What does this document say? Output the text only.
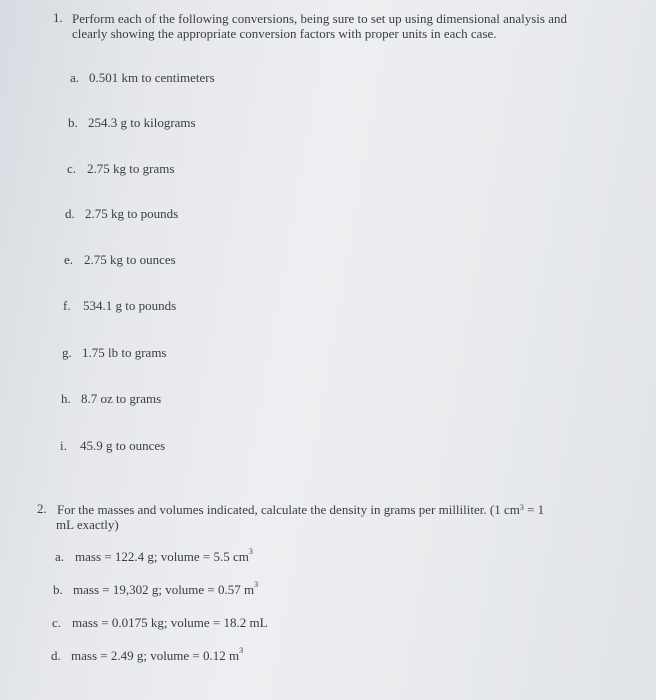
1. Perform each of the following conversions, being sure to set up using dimensional analysis and
clearly showing the appropriate conversion factors with proper units in each case.
a. 0.501 km to centimeters
b. 254.3 g to kilograms
c. 2.75 kg to grams
d. 2.75 kg to pounds
e. 2.75 kg to ounces
f. 534.1 g to pounds
g. 1.75 lb to grams
h. 8.7 oz to grams
i. 45.9 g to ounces
2. For the masses and volumes indicated, calculate the density in grams per milliliter. (1 $cm^3 = 1$
mL exactly)
a. mass = 122.4 g; volume = 5.5 $cm^3$
b. mass = 19,302 g; volume = 0.57 $m^3$
c. mass = 0.0175 kg; volume = 18.2 mL
d. mass = 2.49 g; volume = 0.12 $m^3$
